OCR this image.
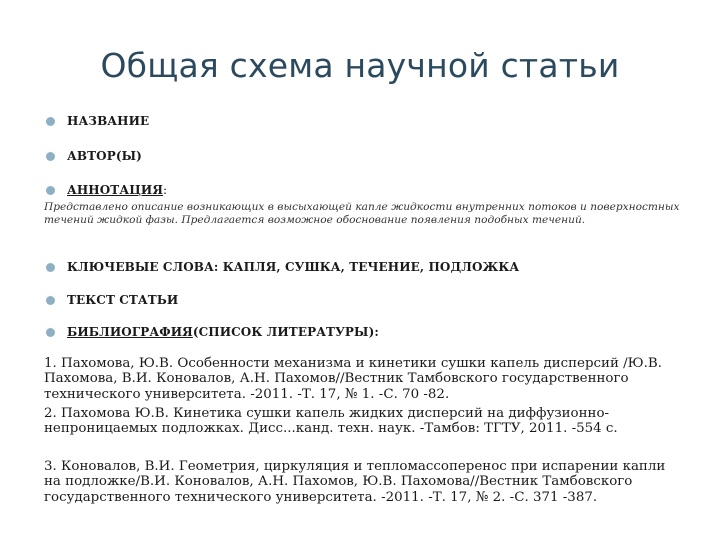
Общая схема научной статьи
НАЗВАНИЕ
АВТОР(Ы)
АННОТАЦИЯ :
Представлено описание возникающих в высыхающей капле жидкости внутренних потоков и поверхностных течений жидкой фазы. Предлагается возможное обоснование появления подобных течений.
КЛЮЧЕВЫЕ СЛОВА: КАПЛЯ, СУШКА, ТЕЧЕНИЕ, ПОДЛОЖКА
ТЕКСТ СТАТЬИ
БИБЛИОГРАФИЯ (СПИСОК ЛИТЕРАТУРЫ):
1. Пахомова, Ю.В. Особенности механизма и кинетики сушки капель дисперсий /Ю.В. Пахомова, В.И. Коновалов, А.Н. Пахомов//Вестник Тамбовского государственного технического университета. -2011. -Т. 17, № 1. -С. 70 -82.
2. Пахомова Ю.В. Кинетика сушки капель жидких дисперсий на диффузионно-непроницаемых подложках. Дисс...канд. техн. наук. -Тамбов: ТГТУ, 2011. -554 с.
3. Коновалов, В.И. Геометрия, циркуляция и тепломассоперенос при испарении капли на подложке/В.И. Коновалов, А.Н. Пахомов, Ю.В. Пахомова//Вестник Тамбовского государственного технического университета. -2011. -Т. 17, № 2. -С. 371 -387.
